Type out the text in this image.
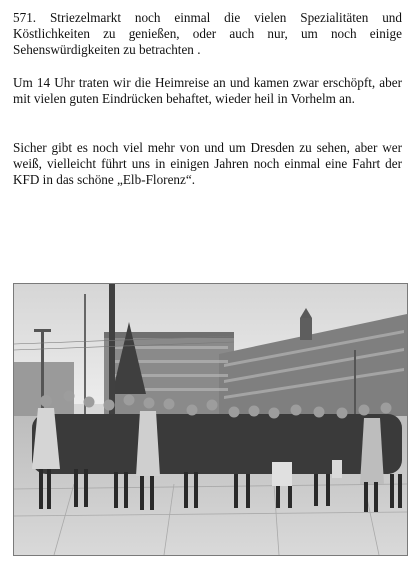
571. Striezelmarkt noch einmal die vielen Spezialitäten und Köstlichkeiten zu genießen, oder auch nur, um noch einige Sehenswürdigkeiten zu betrachten .

Um 14 Uhr traten wir die Heimreise an und kamen zwar erschöpft, aber mit vielen guten Eindrücken behaftet, wieder heil in Vorhelm an.

Sicher gibt es noch viel mehr von und um Dresden zu sehen, aber wer weiß, vielleicht führt uns in einigen Jahren noch einmal eine Fahrt der KFD in das schöne „Elb-Florenz“.
